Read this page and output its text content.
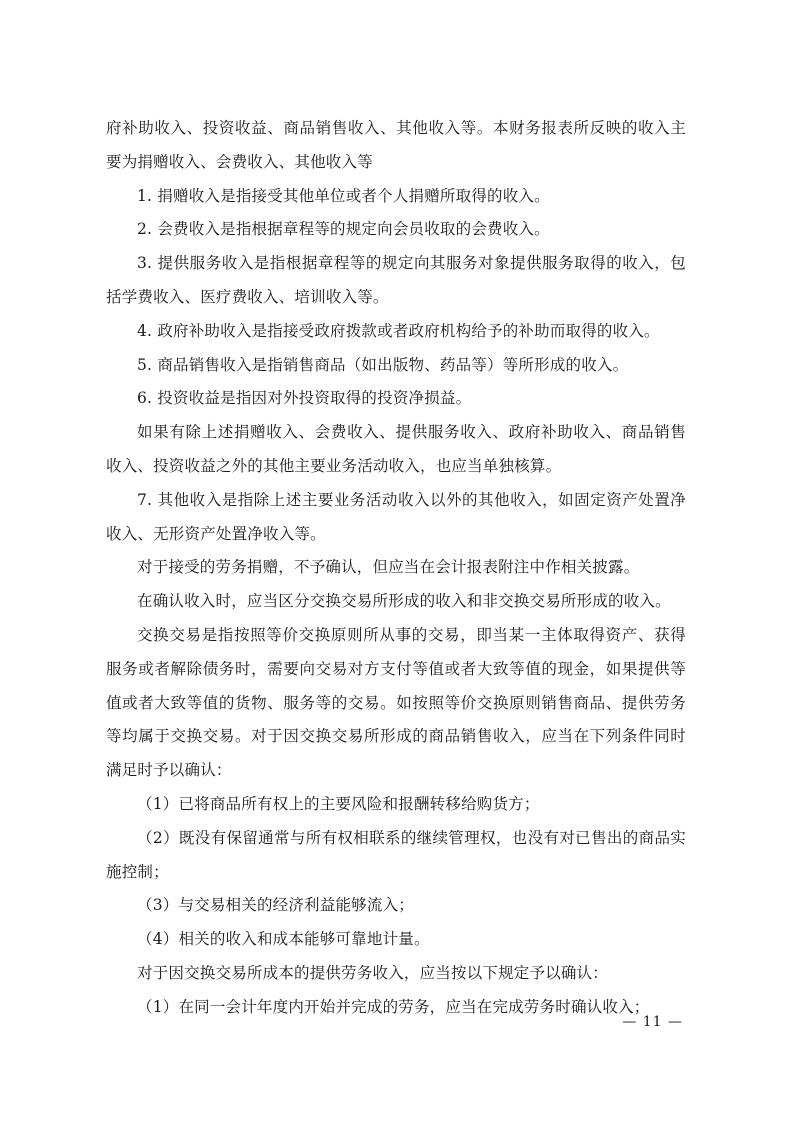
府补助收入、投资收益、商品销售收入、其他收入等。本财务报表所反映的收入主要为捐赠收入、会费收入、其他收入等

1. 捐赠收入是指接受其他单位或者个人捐赠所取得的收入。

2. 会费收入是指根据章程等的规定向会员收取的会费收入。

3. 提供服务收入是指根据章程等的规定向其服务对象提供服务取得的收入，包括学费收入、医疗费收入、培训收入等。

4. 政府补助收入是指接受政府拨款或者政府机构给予的补助而取得的收入。

5. 商品销售收入是指销售商品（如出版物、药品等）等所形成的收入。

6. 投资收益是指因对外投资取得的投资净损益。

如果有除上述捐赠收入、会费收入、提供服务收入、政府补助收入、商品销售收入、投资收益之外的其他主要业务活动收入，也应当单独核算。

7. 其他收入是指除上述主要业务活动收入以外的其他收入，如固定资产处置净收入、无形资产处置净收入等。

对于接受的劳务捐赠，不予确认，但应当在会计报表附注中作相关披露。

在确认收入时，应当区分交换交易所形成的收入和非交换交易所形成的收入。

交换交易是指按照等价交换原则所从事的交易，即当某一主体取得资产、获得服务或者解除债务时，需要向交易对方支付等值或者大致等值的现金，如果提供等值或者大致等值的货物、服务等的交易。如按照等价交换原则销售商品、提供劳务等均属于交换交易。对于因交换交易所形成的商品销售收入，应当在下列条件同时满足时予以确认：

（1）已将商品所有权上的主要风险和报酬转移给购货方；

（2）既没有保留通常与所有权相联系的继续管理权，也没有对已售出的商品实施控制；

（3）与交易相关的经济利益能够流入；

（4）相关的收入和成本能够可靠地计量。

对于因交换交易所成本的提供劳务收入，应当按以下规定予以确认：

（1）在同一会计年度内开始并完成的劳务，应当在完成劳务时确认收入；

— 11 —
